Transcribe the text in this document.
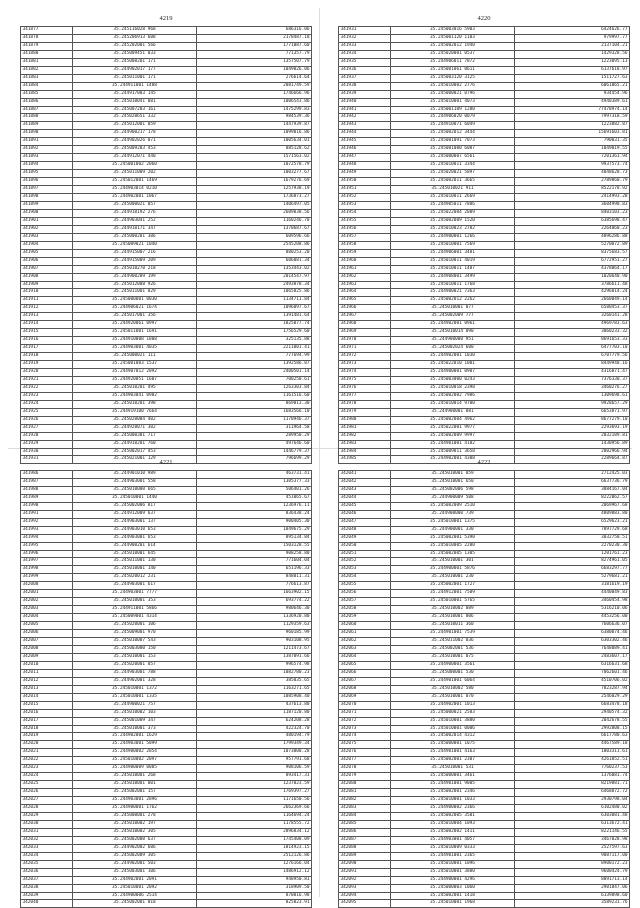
4219
341877	35.245116028 968	686316.06
341878	35.245206913 608	2170487.18
341879	35.245202001 566	1771087.60
341880	35.245009451 033	771357.79
341881	35.245008201 171	1357507.79
341882	35.244902017 177	1049026.06
341883	35.245011001 171	276614.64
341884	35.244911001 1488	2081749.59
341885	35.244917003 145	1746666.96
341886	35.245010041 081	1006543.86
341887	35.245007203 161	1475299.83
341888	35.245020651 332	984539.36
341889	35.245012001 059	1447939.87
341890	35.244900217 178	1099016.86
341891	35.244902026 071	1005634.01
341892	35.245009203 453	885128.62
341893	35.244912071 440	1571563.02
341894	35.245001002 2060	1072578.79
341895	35.245011009 202	1003277.67
341896	35.245012001 1469	1679276.69
341897	35.244903014 0210	1257938.19
341898	35.244902001 1067	1736873.27
341899	35.245000021 057	1406497.05
341900	35.244910192 276	2609038.56
341901	35.244903041 252	1160246.70
341902	35.244910171 347	1370687.67
341903	35.245000201 306	609596.66
341904	35.245009021 1040	2545208.86
341905	35.244915007 216	880253.20
341906	35.244915009 209	606081.34
341907	35.245010270 218	1353443.02
341908	35.244900209 199	2014547.97
341909	35.245012008 926	2493878.34
341910	35.245011001 829	1065825.86
341911	35.245000001 0030	1134711.84
341912	35.244906021 1674	1096097.67
341913	35.245017001 356	1391481.64
341914	35.244920061 0997	1825077.74
341915	35.245011001 1691	1756529.60
341916	35.244910008 1808	325135.88
341917	35.244903001 4035	2211001.41
341918	35.245000021 111	777694.99
341919	35.245001003 1537	1392586.87
341920	35.244907012 2092	2400501.14
341921	35.244920051 1607	700250.61
341922	35.245010201 495	1263303.84
341923	35.244903041 0982	1161516.60
341924	35.245010201 398	869013.30
341925	35.244919100 7664	1683566.10
341926	35.245020004 402	1170946.37
341927	35.244920071 302	311964.58
341928	35.245000301 717	289950.29
341929	35.244910201 760	497646.60
341930	35.245002017 453	1446779.37
341931	35.245021001 129	796699.29
4220
341931	35.245003016 5903	6424626.77
341932	35.245001120 1103	979997.77
341933	35.245002012 1940	2137104.21
341934	35.245020001 0537	1429328.56
341935	35.244906011 7872	1223095.13
341936	35.245001061 0611	6137618.97
341937	35.245003120 3125	1511727.63
341938	35.245010002 2776	6061065.21
341939	35.245000021 0796	934454.96
341940	35.245010001 4073	4940389.61
341941	35.245001109 1280	77478974.14
341942	35.244906020 0079	7997318.59
341943	35.244910071 6049	1223882.87
341944	35.245002012 3444	15691603.81
341945	35.245001091 7073	790031.35
341946	35.245001000 6087	1049019.55
341947	35.245000007 6561	7201361.94
341948	35.245010011 3344	9937573.74
341949	35.245020021 5897	4048628.73
341950	35.245002011 3665	2789860.79
341951	35.245010021 911	8522178.92
341952	35.245010011 2669	2414993.28
341953	35.244905011 7886	3604990.83
341954	35.245022004 2089	8403103.23
341955	35.245002009 1520	6385698.47
341956	35.245010023 2782	2264060.23
341957	35.244900001 1266	4896286.88
341958	35.245010001 7569	5270072.89
341959	35.244906001 3481	8375683.57
341960	35.245010011 4019	6772951.27
341961	35.245010011 1407	4378064.17
341962	35.244908001 3499	1020640.90
341963	35.245010011 1768	3786611.48
341964	35.244900021 7363	4296814.24
341965	35.245002012 2262	2660049.14
341966	35.245010001 077	6580453.37
341967	35.245002009 777	3260141.28
341968	35.244902001 0961	4969783.63
341969	35.245010014 090	3060233.32
341970	35.244900000 951	8691653.33
341971	35.245002024 600	6477703.10
341972	35.244902001 1030	6707779.56
341973	35.245022010 1081	8449948.16
341974	35.244900001 0907	4316871.47
341975	35.245003000 0243	7376330.37
341976	35.245010018 2398	3460276.27
341977	35.245002002 7986	1309698.61
341978	35.245010014 9700	9928657.29
341979	35.244900001 081	6653871.97
341980	35.245002004 4962	8677279.10
341981	35.245022001 9977	2293693.19
341982	35.245002009 9997	2032189.81
341983	35.244901001 4182	1430956.89
341984	35.245009011 3658	2002966.94
341985	35.244902001 4308	2289664.87
4221
341986	35.244901010 989	463731.41
341987	35.244903001 558	1305377.33
341988	35.245010000 665	506401.26
341989	35.245010001 1440	451065.67
341990	35.245002006 817	1236976.11
341991	35.244912009 637	836438.24
341992	35.244903001 137	900405.30
341993	35.244903010 653	1049675.29
341994	35.244903001 653	895134.84
341995	35.244900201 614	1503128.55
341996	35.245010001 645	908258.80
341997	35.245011001 130	771604.04
341998	35.245010001 140	651196.33
341999	35.245020012 231	848011.31
342000	35.244903001 617	776613.87
342001	35.244903001 7777	1663902.15
342002	35.245010001 353	693774.22
342003	35.244911001 5866	980646.30
342004	35.245009001 4314	1336920.80
342005	35.245020001 106	1129359.63
342006	35.245009001 970	960185.99
342007	35.245010007 543	903108.95
342008	35.245003000 150	1211473.67
342009	35.245010001 153	1387091.66
342010	35.245020001 057	996574.98
342011	35.244903001 788	1082780.23
342012	35.244902001 328	385035.65
342013	35.245010001 1372	1163271.65
342014	35.245010001 1335	1085908.40
342015	35.244900021 757	437613.80
342016	35.245010002 103	1187120.80
342017	35.245001009 347	624208.28
342018	35.245010001 373	422324.70
342019	35.244902001 1629	480194.79
342020	35.244903001 5099	1799349.34
342021	35.244900002 2854	1073000.28
342022	35.245010002 2097	957791.68
342023	35.244900009 0085	908106.59
342024	35.245010001 268	893417.31
342025	35.245010001 001	1237023.59
342026	35.245002001 157	1769397.27
342027	35.244903001 2896	1171650.56
342028	35.244900001 1762	2662369.66
342029	35.245000001 278	1164694.24
342030	35.245010002 197	1178555.72
342031	35.245010002 305	2896834.12
342032	35.245002000 637	1745408.09
342033	35.244902002 606	1814923.15
342034	35.245002009 305	2512126.86
342035	35.244902001 503	1276166.04
342036	35.245003001 106	1486912.12
342037	35.244902001 2091	948950.81
342038	35.245010001 2092	318909.50
342039	35.244900006 2514	870016.98
342040	35.245002001 018	825823.91
4222
342041	35.245010001 059	2712425.03
342042	35.245010001 650	6637736.79
342043	35.245002006 598	3884167.04
342044	35.244900009 508	8222062.57
342045	35.245002009 2510	2069967.68
342046	35.244900000 739	4809883.80
342047	35.245010001 1375	6529623.21
342048	35.244900001 330	7897729.68
342049	35.245002001 5390	3032750.51
342050	35.245010005 2200	2270230.30
342051	35.245002005 1305	1201761.23
342052	35.245010001 301	8274961.05
342053	35.244900001 5876	6683297.77
342054	35.245010001 230	5279681.21
342055	35.245002001 1727	3181619.19
342056	35.244912001 7509	4440049.83
342057	35.245010001 5765	3460454.98
342058	35.245010002 089	5316210.06
342059	35.245010001 006	4453256.00
342060	35.245010011 360	7606636.07
342061	35.244901001 7539	6380074.46
342062	35.245011002 036	6303302.46
342063	35.245002001 536	7648089.41
342064	35.245010001 075	2483607.17
342065	35.244900001 3561	6316631.68
342066	35.245000001 530	7062601.46
342067	35.244901001 6064	4510706.02
342068	35.245010002 580	7823287.94
342069	35.245010001 070	2546029.29
342070	35.244902001 1013	6683478.18
342071	35.245000021 2583	2940574.32
342072	35.245010001 3880	2042678.55
342073	35.245010001 0006	2992808.15
342074	35.245002014 4312	6617780.63
342075	35.245000001 1075	4467589.18
342076	35.244901001 4163	1003311.61
342077	35.245002001 2307	4261852.51
342078	35.245010001 531	7760237.53
342079	35.245000001 3461	1376081.74
342080	35.244901001 9005	8219881.71
342081	35.245002001 2346	6468872.72
342082	35.245010001 1033	2930798.04
342083	35.244900002 2366	6102480.02
342084	35.245002005 3501	6303081.48
342085	35.245010004 1093	6313672.41
342086	35.245002002 1411	8221146.55
342087	35.244903001 4057	3467028.98
342088	35.245010009 0333	2527597.63
342089	35.244901001 2365	9087117.00
342090	35.245010001 1096	8900172.23
342091	35.245010001 3880	9600424.79
342092	35.244900001 4296	8091713.14
342093	35.245000003 1060	2901847.06
342094	35.245002001 1418	6139898.60
342095	35.245010001 1968	3589231.76
